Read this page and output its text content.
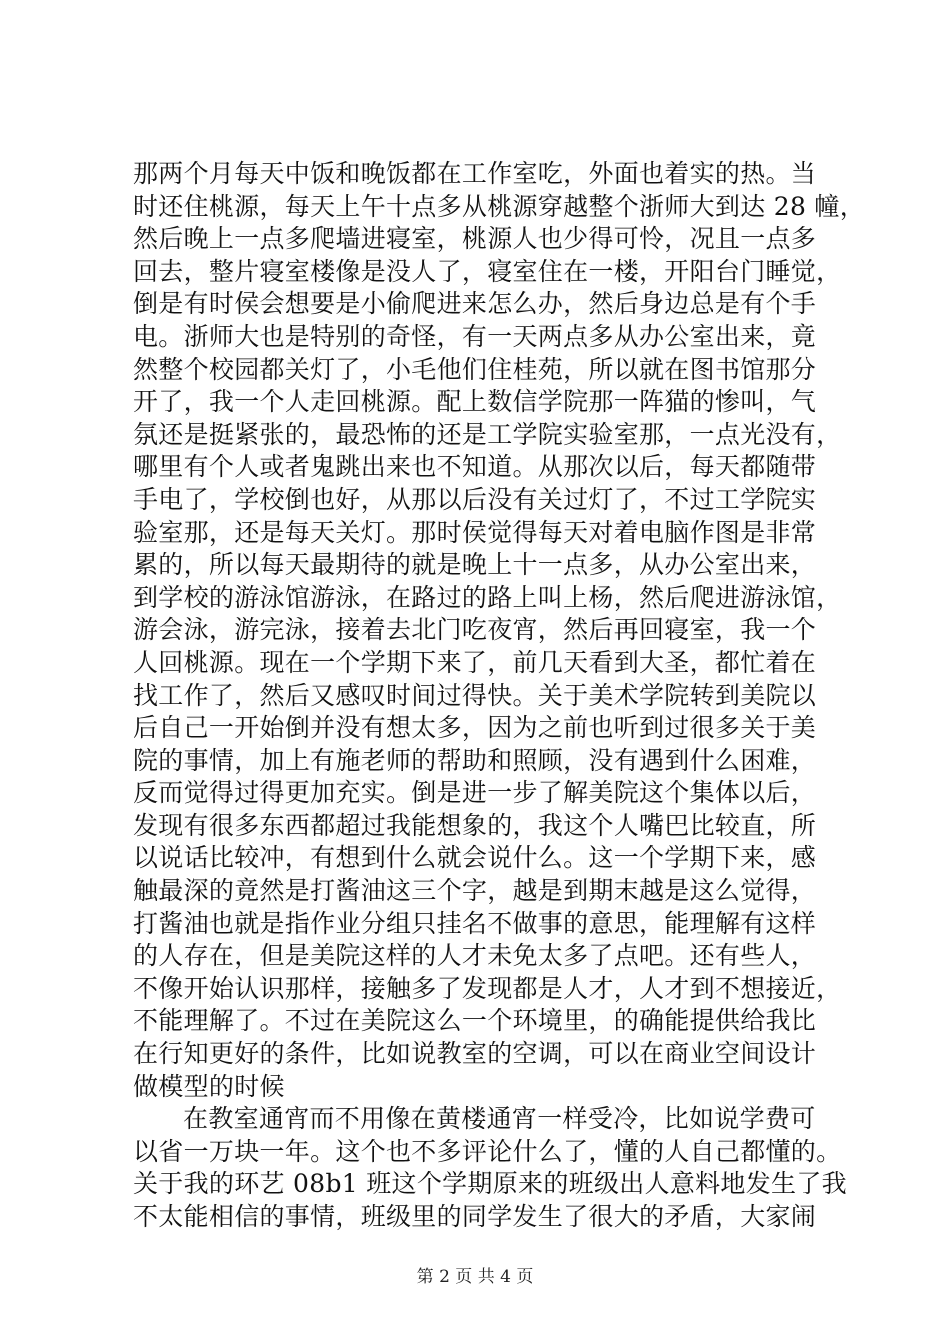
那两个月每天中饭和晚饭都在工作室吃，外面也着实的热。当
时还住桃源，每天上午十点多从桃源穿越整个浙师大到达 28 幢，
然后晚上一点多爬墙进寝室，桃源人也少得可怜，况且一点多
回去，整片寝室楼像是没人了，寝室住在一楼，开阳台门睡觉，
倒是有时侯会想要是小偷爬进来怎么办，然后身边总是有个手
电。浙师大也是特别的奇怪，有一天两点多从办公室出来，竟
然整个校园都关灯了，小毛他们住桂苑，所以就在图书馆那分
开了，我一个人走回桃源。配上数信学院那一阵猫的惨叫，气
氛还是挺紧张的，最恐怖的还是工学院实验室那，一点光没有，
哪里有个人或者鬼跳出来也不知道。从那次以后，每天都随带
手电了，学校倒也好，从那以后没有关过灯了，不过工学院实
验室那，还是每天关灯。那时侯觉得每天对着电脑作图是非常
累的，所以每天最期待的就是晚上十一点多，从办公室出来，
到学校的游泳馆游泳，在路过的路上叫上杨，然后爬进游泳馆，
游会泳，游完泳，接着去北门吃夜宵，然后再回寝室，我一个
人回桃源。现在一个学期下来了，前几天看到大圣，都忙着在
找工作了，然后又感叹时间过得快。关于美术学院转到美院以
后自己一开始倒并没有想太多，因为之前也听到过很多关于美
院的事情，加上有施老师的帮助和照顾，没有遇到什么困难，
反而觉得过得更加充实。倒是进一步了解美院这个集体以后，
发现有很多东西都超过我能想象的，我这个人嘴巴比较直，所
以说话比较冲，有想到什么就会说什么。这一个学期下来，感
触最深的竟然是打酱油这三个字，越是到期末越是这么觉得，
打酱油也就是指作业分组只挂名不做事的意思，能理解有这样
的人存在，但是美院这样的人才未免太多了点吧。还有些人，
不像开始认识那样，接触多了发现都是人才，人才到不想接近，
不能理解了。不过在美院这么一个环境里，的确能提供给我比
在行知更好的条件，比如说教室的空调，可以在商业空间设计
做模型的时候
在教室通宵而不用像在黄楼通宵一样受冷，比如说学费可
以省一万块一年。这个也不多评论什么了，懂的人自己都懂的。
关于我的环艺 08b1 班这个学期原来的班级出人意料地发生了我
不太能相信的事情，班级里的同学发生了很大的矛盾，大家闹
第 2 页 共 4 页
